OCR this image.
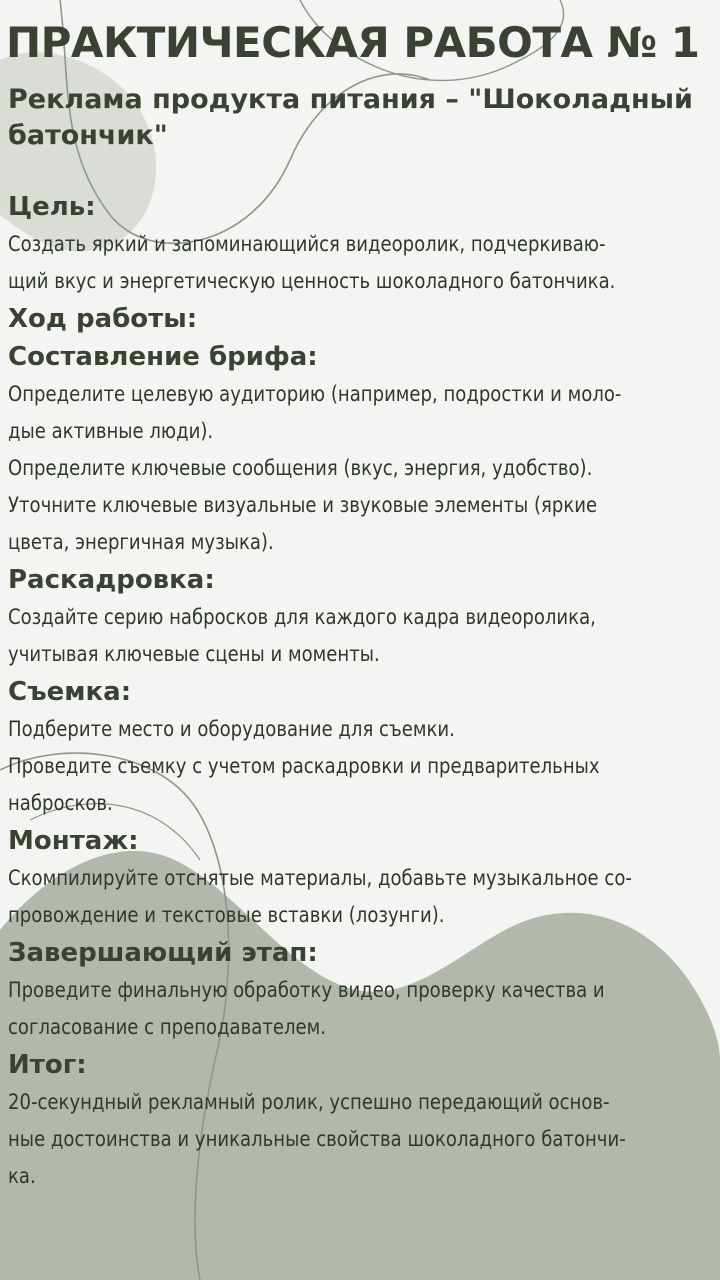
ПРАКТИЧЕСКАЯ РАБОТА № 1
Реклама продукта питания – "Шоколадный
батончик"
Цель:
Создать яркий и запоминающийся видеоролик, подчеркиваю-
щий вкус и энергетическую ценность шоколадного батончика.
Ход работы:
Составление брифа:
Определите целевую аудиторию (например, подростки и моло-
дые активные люди).
Определите ключевые сообщения (вкус, энергия, удобство).
Уточните ключевые визуальные и звуковые элементы (яркие
цвета, энергичная музыка).
Раскадровка:
Создайте серию набросков для каждого кадра видеоролика,
учитывая ключевые сцены и моменты.
Съемка:
Подберите место и оборудование для съемки.
Проведите съемку с учетом раскадровки и предварительных
набросков.
Монтаж:
Скомпилируйте отснятые материалы, добавьте музыкальное со-
провождение и текстовые вставки (лозунги).
Завершающий этап:
Проведите финальную обработку видео, проверку качества и
согласование с преподавателем.
Итог:
20-секундный рекламный ролик, успешно передающий основ-
ные достоинства и уникальные свойства шоколадного батончи-
ка.
